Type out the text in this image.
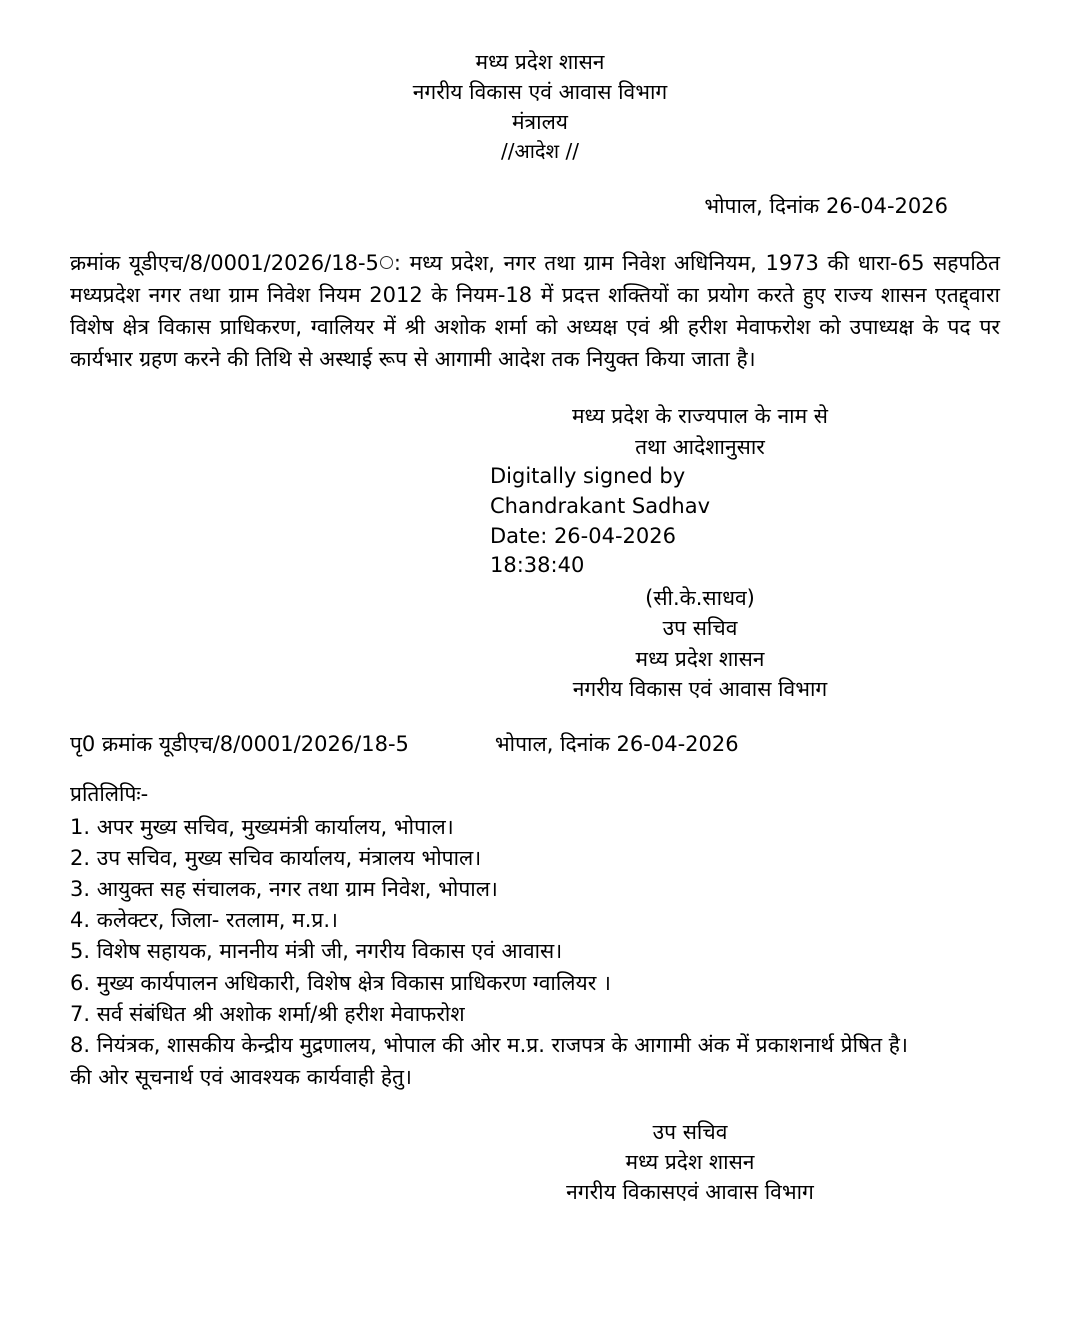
मध्य प्रदेश शासन
नगरीय विकास एवं आवास विभाग
मंत्रालय
//आदेश //
भोपाल, दिनांक 26-04-2026
क्रमांक यूडीएच/8/0001/2026/18-5○: मध्य प्रदेश, नगर तथा ग्राम निवेश अधिनियम, 1973 की धारा-65 सहपठित मध्यप्रदेश नगर तथा ग्राम निवेश नियम 2012 के नियम-18 में प्रदत्त शक्तियों का प्रयोग करते हुए राज्य शासन एतद्द्वारा विशेष क्षेत्र विकास प्राधिकरण, ग्वालियर में श्री अशोक शर्मा को अध्यक्ष एवं श्री हरीश मेवाफरोश को उपाध्यक्ष के पद पर कार्यभार ग्रहण करने की तिथि से अस्थाई रूप से आगामी आदेश तक नियुक्त किया जाता है।
मध्य प्रदेश के राज्यपाल के नाम से
तथा आदेशानुसार
Digitally signed by
Chandrakant Sadhav
Date: 26-04-2026
18:38:40
(सी.के.साधव)
उप सचिव
मध्य प्रदेश शासन
नगरीय विकास एवं आवास विभाग
पृ0 क्रमांक यूडीएच/8/0001/2026/18-5	भोपाल, दिनांक 26-04-2026
प्रतिलिपिः-
1. अपर मुख्य सचिव, मुख्यमंत्री कार्यालय, भोपाल।
2. उप सचिव, मुख्य सचिव कार्यालय, मंत्रालय भोपाल।
3. आयुक्त सह संचालक, नगर तथा ग्राम निवेश, भोपाल।
4. कलेक्टर, जिला- रतलाम, म.प्र.।
5. विशेष सहायक, माननीय मंत्री जी, नगरीय विकास एवं आवास।
6. मुख्य कार्यपालन अधिकारी, विशेष क्षेत्र विकास प्राधिकरण ग्वालियर ।
7. सर्व संबंधित श्री अशोक शर्मा/श्री हरीश मेवाफरोश
8. नियंत्रक, शासकीय केन्द्रीय मुद्रणालय, भोपाल की ओर म.प्र. राजपत्र के आगामी अंक में प्रकाशनार्थ प्रेषित है।
की ओर सूचनार्थ एवं आवश्यक कार्यवाही हेतु।
उप सचिव
मध्य प्रदेश शासन
नगरीय विकासएवं आवास विभाग
